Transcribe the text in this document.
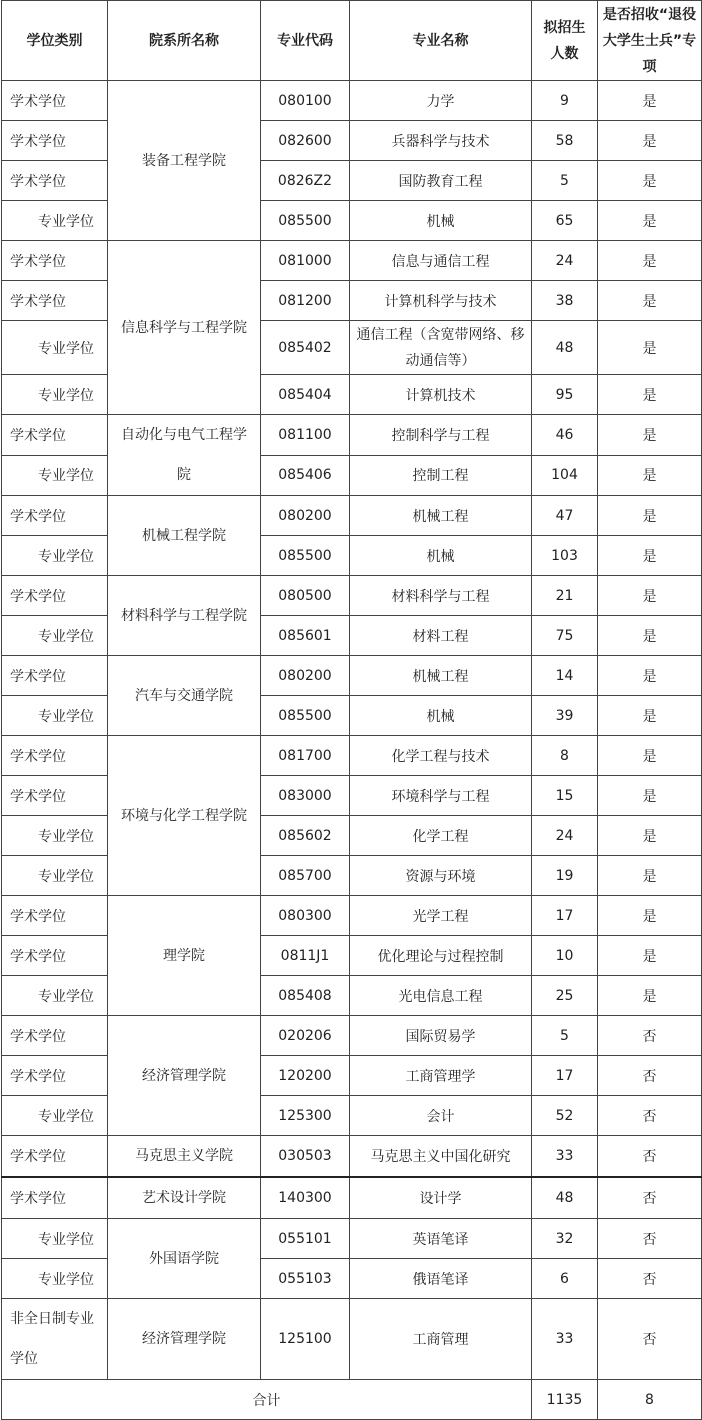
学位类别	院系所名称	专业代码	专业名称	拟招生人数	是否招收“退役大学生士兵”专项
学术学位	装备工程学院	080100	力学	9	是
学术学位		082600	兵器科学与技术	58	是
学术学位		0826Z2	国防教育工程	5	是
专业学位		085500	机械	65	是
学术学位	信息科学与工程学院	081000	信息与通信工程	24	是
学术学位		081200	计算机科学与技术	38	是
专业学位		085402	通信工程（含宽带网络、移动通信等）	48	是
专业学位		085404	计算机技术	95	是
学术学位	自动化与电气工程学院	081100	控制科学与工程	46	是
专业学位		085406	控制工程	104	是
学术学位	机械工程学院	080200	机械工程	47	是
专业学位		085500	机械	103	是
学术学位	材料科学与工程学院	080500	材料科学与工程	21	是
专业学位		085601	材料工程	75	是
学术学位	汽车与交通学院	080200	机械工程	14	是
专业学位		085500	机械	39	是
学术学位	环境与化学工程学院	081700	化学工程与技术	8	是
学术学位		083000	环境科学与工程	15	是
专业学位		085602	化学工程	24	是
专业学位		085700	资源与环境	19	是
学术学位	理学院	080300	光学工程	17	是
学术学位		0811J1	优化理论与过程控制	10	是
专业学位		085408	光电信息工程	25	是
学术学位	经济管理学院	020206	国际贸易学	5	否
学术学位		120200	工商管理学	17	否
专业学位		125300	会计	52	否
学术学位	马克思主义学院	030503	马克思主义中国化研究	33	否
学术学位	艺术设计学院	140300	设计学	48	否
专业学位	外国语学院	055101	英语笔译	32	否
专业学位		055103	俄语笔译	6	否
非全日制专业学位	经济管理学院	125100	工商管理	33	否
合计				1135	8
